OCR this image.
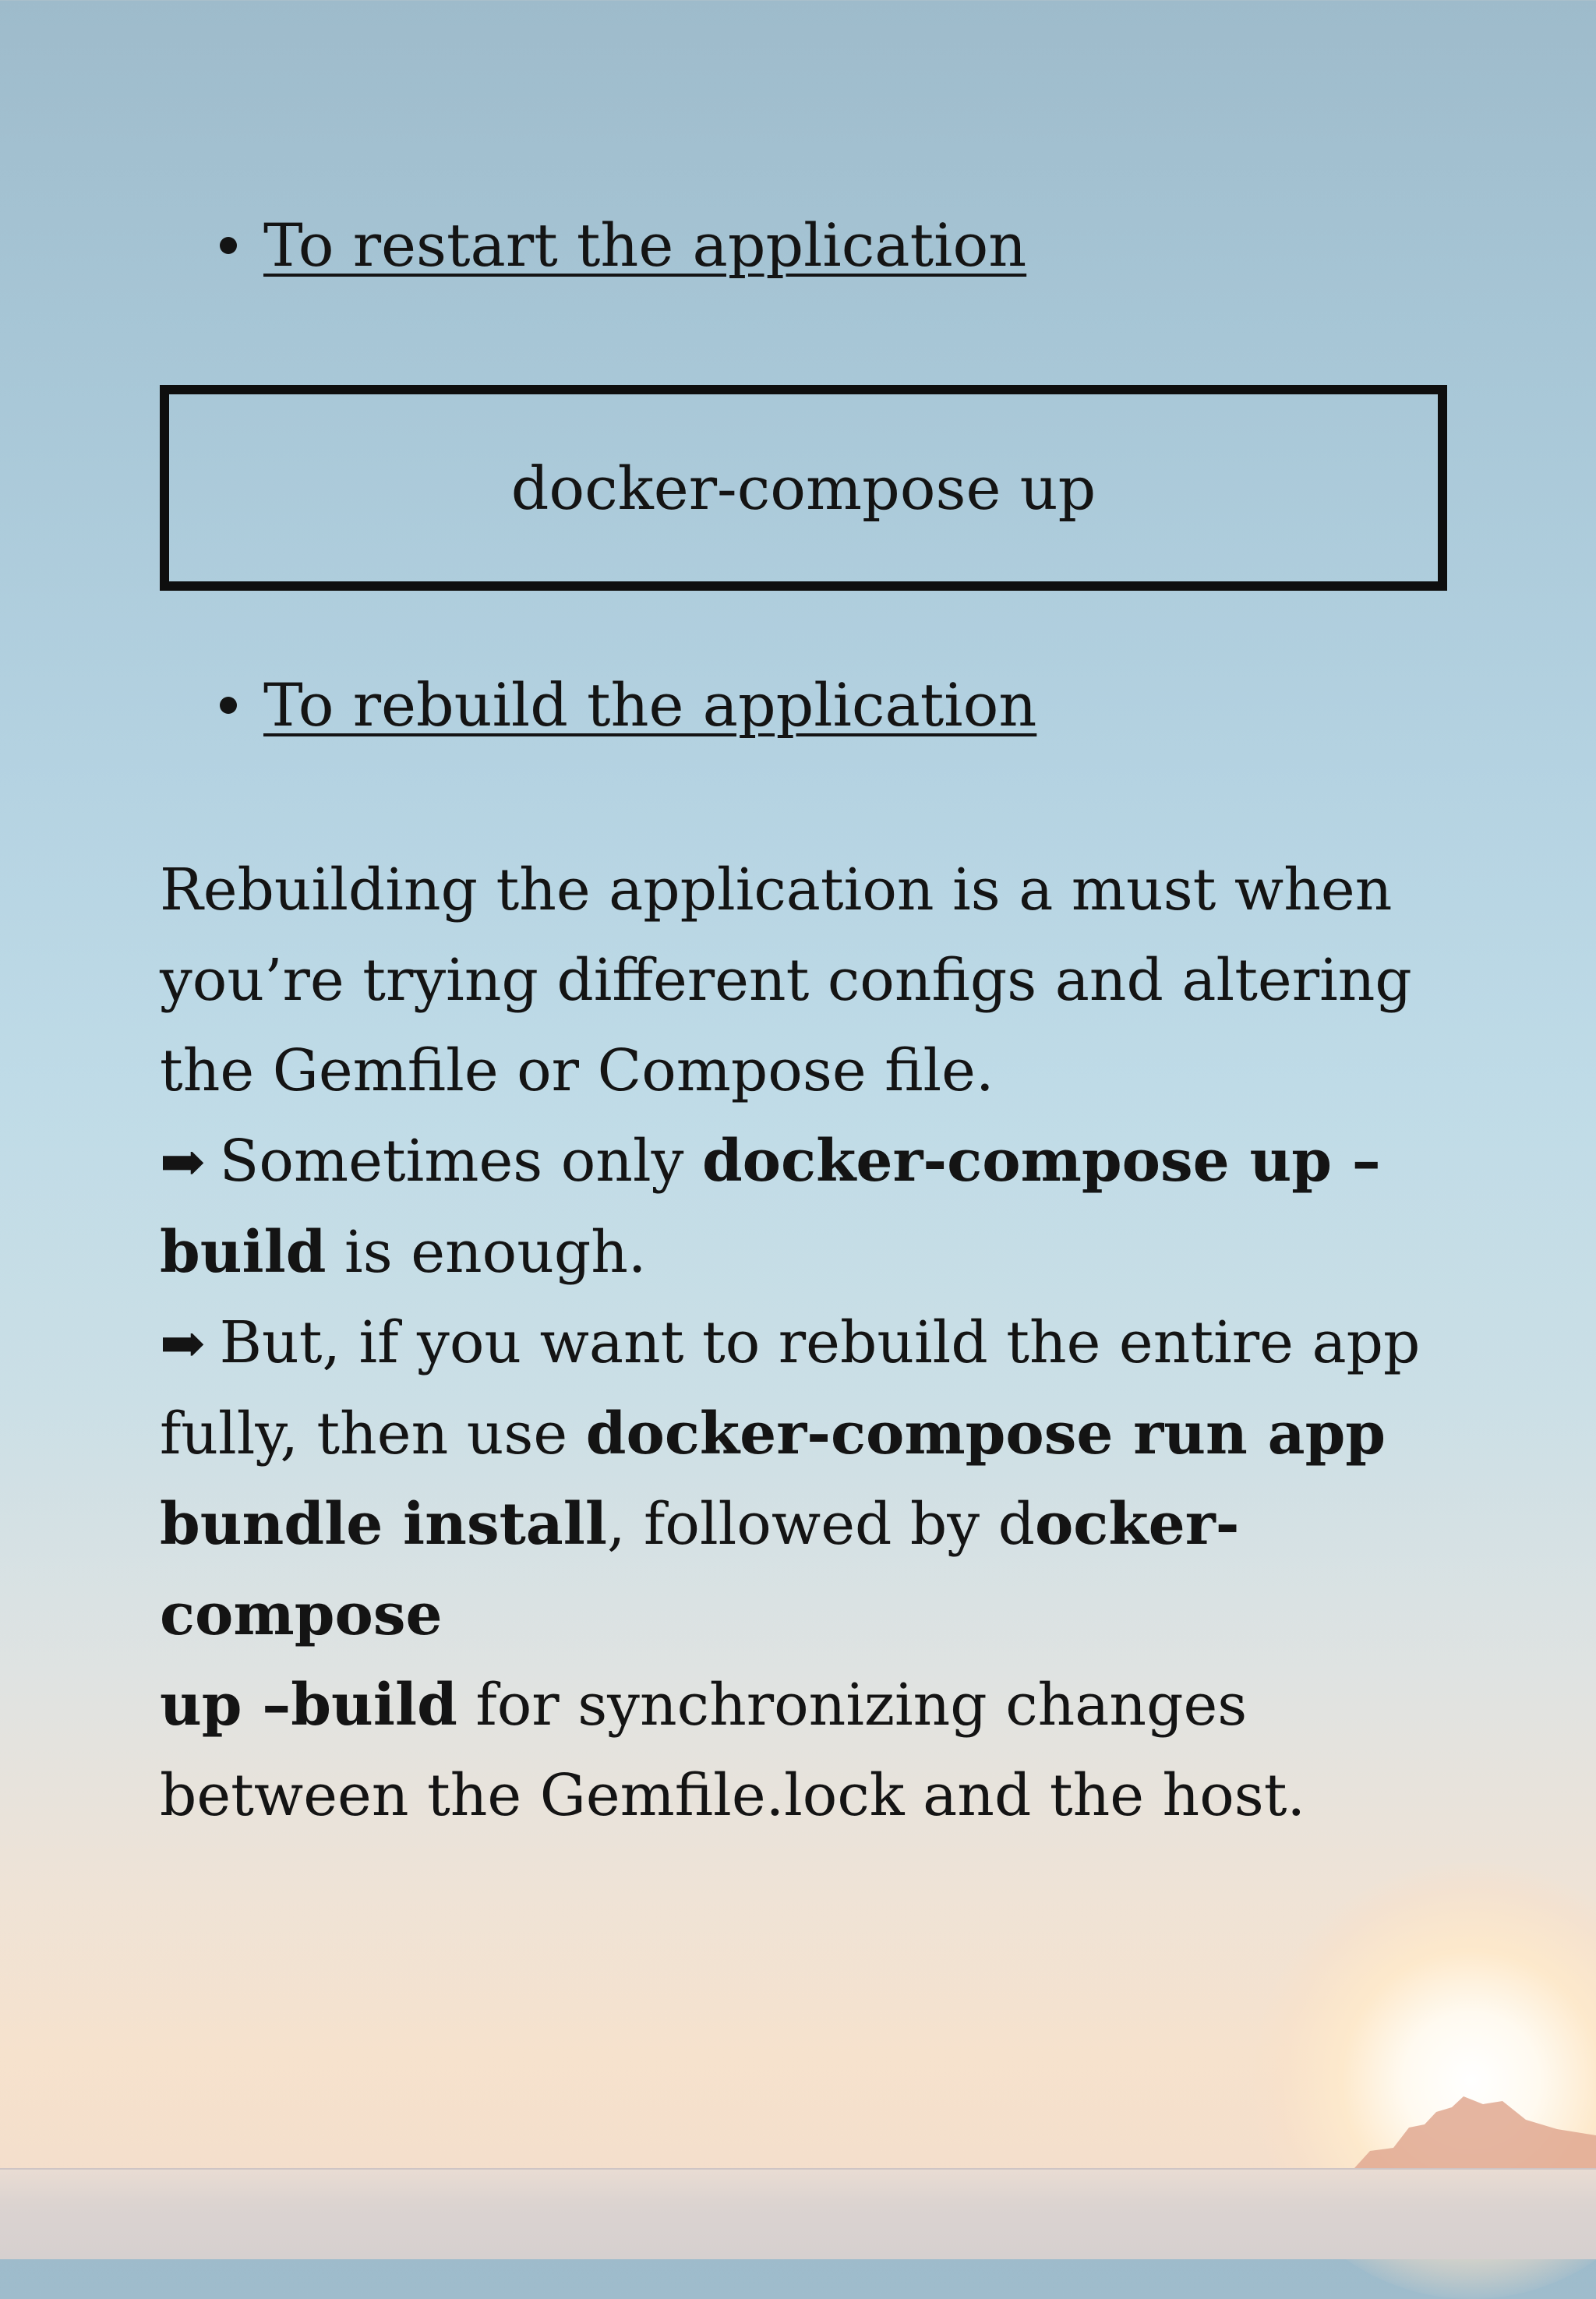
To restart the application
docker-compose up
To rebuild the application

Rebuilding the application is a must when

you’re trying different configs and altering

the Gemfile or Compose file.

➡ Sometimes only docker-compose up –

build is enough.

➡ But, if you want to rebuild the entire app

fully, then use docker-compose run app

bundle install, followed by docker-compose

up –build for synchronizing changes

between the Gemfile.lock and the host.
